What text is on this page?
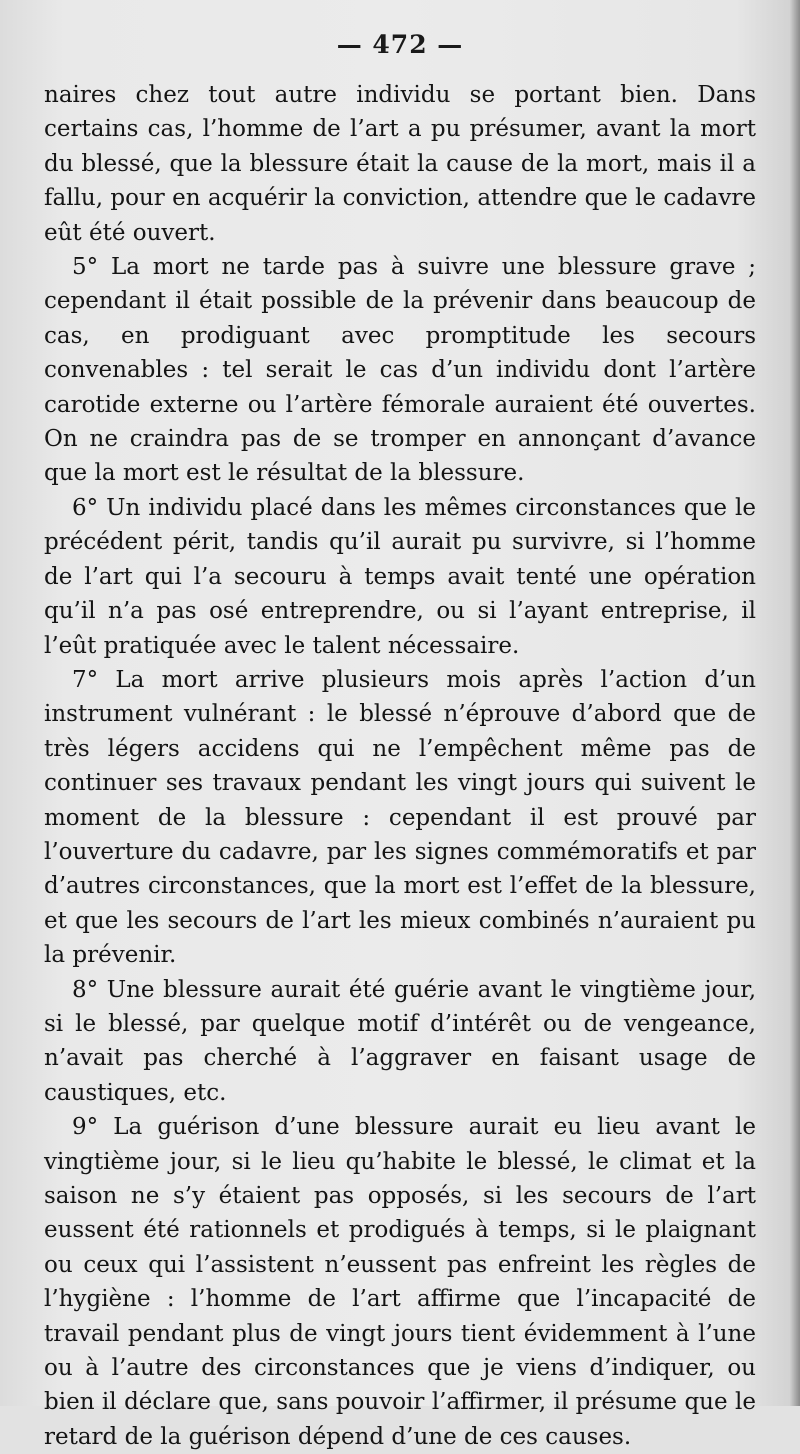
— 472 —

naires chez tout autre individu se portant bien. Dans certains cas, l’homme de l’art a pu présumer, avant la mort du blessé, que la blessure était la cause de la mort, mais il a fallu, pour en acquérir la conviction, attendre que le cadavre eût été ouvert.

5° La mort ne tarde pas à suivre une blessure grave ; cependant il était possible de la prévenir dans beaucoup de cas, en prodiguant avec promptitude les secours convenables : tel serait le cas d’un individu dont l’artère carotide externe ou l’artère fémorale auraient été ouvertes. On ne craindra pas de se tromper en annonçant d’avance que la mort est le résultat de la blessure.

6° Un individu placé dans les mêmes circonstances que le précédent périt, tandis qu’il aurait pu survivre, si l’homme de l’art qui l’a secouru à temps avait tenté une opération qu’il n’a pas osé entreprendre, ou si l’ayant entreprise, il l’eût pratiquée avec le talent nécessaire.

7° La mort arrive plusieurs mois après l’action d’un instrument vulnérant : le blessé n’éprouve d’abord que de très légers accidens qui ne l’empêchent même pas de continuer ses travaux pendant les vingt jours qui suivent le moment de la blessure : cependant il est prouvé par l’ouverture du cadavre, par les signes commémoratifs et par d’autres circonstances, que la mort est l’effet de la blessure, et que les secours de l’art les mieux combinés n’auraient pu la prévenir.

8° Une blessure aurait été guérie avant le vingtième jour, si le blessé, par quelque motif d’intérêt ou de vengeance, n’avait pas cherché à l’aggraver en faisant usage de caustiques, etc.

9° La guérison d’une blessure aurait eu lieu avant le vingtième jour, si le lieu qu’habite le blessé, le climat et la saison ne s’y étaient pas opposés, si les secours de l’art eussent été rationnels et prodigués à temps, si le plaignant ou ceux qui l’assistent n’eussent pas enfreint les règles de l’hygiène : l’homme de l’art affirme que l’incapacité de travail pendant plus de vingt jours tient évidemment à l’une ou à l’autre des circonstances que je viens d’indiquer, ou bien il déclare que, sans pouvoir l’affirmer, il présume que le retard de la guérison dépend d’une de ces causes.
